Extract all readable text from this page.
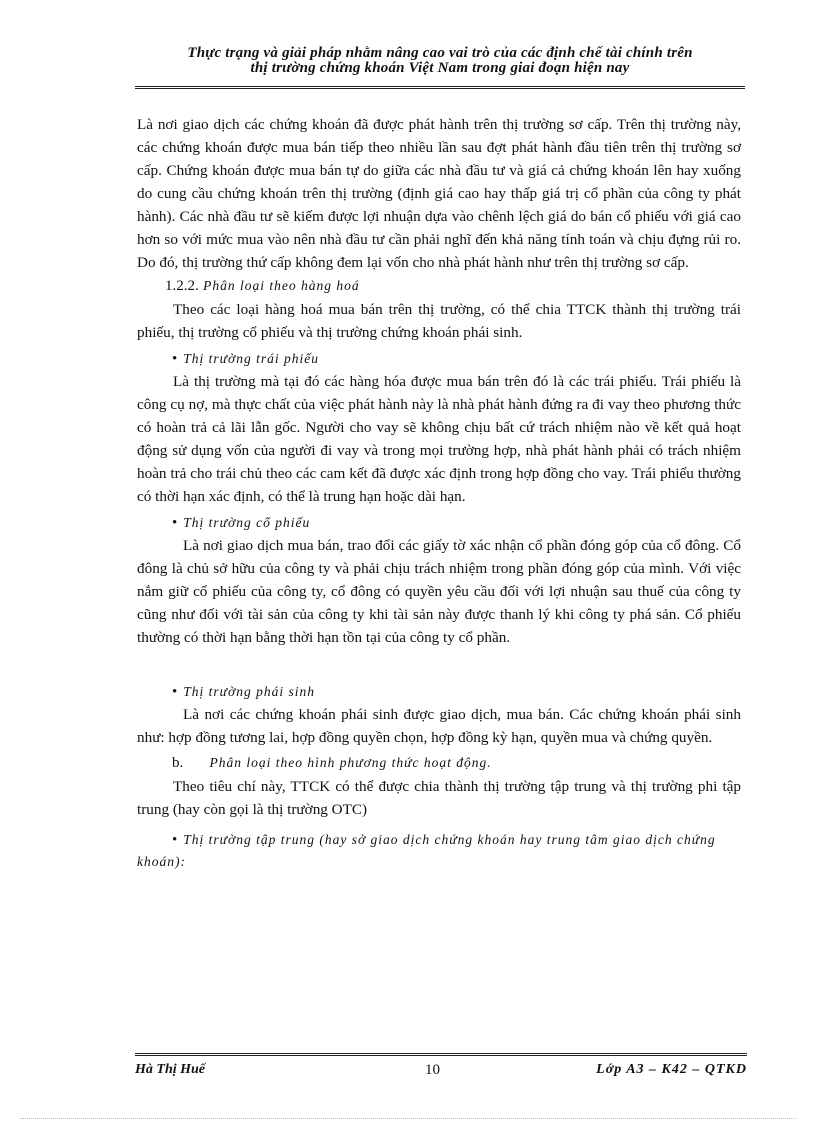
Thực trạng và giải pháp nhằm nâng cao vai trò của các định chế tài chính trên
thị trường chứng khoán Việt Nam trong giai đoạn hiện nay

Là nơi giao dịch các chứng khoán đã được phát hành trên thị trường sơ cấp. Trên thị trường này, các chứng khoán được mua bán tiếp theo nhiều lần sau đợt phát hành đầu tiên trên thị trường sơ cấp. Chứng khoán được mua bán tự do giữa các nhà đầu tư và giá cả chứng khoán lên hay xuống do cung cầu chứng khoán trên thị trường (định giá cao hay thấp giá trị cổ phần của công ty phát hành). Các nhà đầu tư sẽ kiếm được lợi nhuận dựa vào chênh lệch giá do bán cổ phiếu với giá cao hơn so với mức mua vào nên nhà đầu tư cần phải nghĩ đến khả năng tính toán và chịu đựng rủi ro. Do đó, thị trường thứ cấp không đem lại vốn cho nhà phát hành như trên thị trường sơ cấp.

1.2.2. Phân loại theo hàng hoá

Theo các loại hàng hoá mua bán trên thị trường, có thể chia TTCK thành thị trường trái phiếu, thị trường cổ phiếu và thị trường chứng khoán phái sinh.

• Thị trường trái phiếu

Là thị trường mà tại đó các hàng hóa được mua bán trên đó là các trái phiếu. Trái phiếu là công cụ nợ, mà thực chất của việc phát hành này là nhà phát hành đứng ra đi vay theo phương thức có hoàn trả cả lãi lẫn gốc. Người cho vay sẽ không chịu bất cứ trách nhiệm nào về kết quả hoạt động sử dụng vốn của người đi vay và trong mọi trường hợp, nhà phát hành phải có trách nhiệm hoàn trả cho trái chủ theo các cam kết đã được xác định trong hợp đồng cho vay. Trái phiếu thường có thời hạn xác định, có thể là trung hạn hoặc dài hạn.

• Thị trường cổ phiếu

Là nơi giao dịch mua bán, trao đổi các giấy tờ xác nhận cổ phần đóng góp của cổ đông. Cổ đông là chủ sở hữu của công ty và phải chịu trách nhiệm trong phần đóng góp của mình. Với việc nắm giữ cổ phiếu của công ty, cổ đông có quyền yêu cầu đối với lợi nhuận sau thuế của công ty cũng như đối với tài sản của công ty khi tài sản này được thanh lý khi công ty phá sản. Cổ phiếu thường có thời hạn bằng thời hạn tồn tại của công ty cổ phần.

• Thị trường phái sinh

Là nơi các chứng khoán phái sinh được giao dịch, mua bán. Các chứng khoán phái sinh như: hợp đồng tương lai, hợp đồng quyền chọn, hợp đồng kỳ hạn, quyền mua và chứng quyền.

b. Phân loại theo hình phương thức hoạt động.

Theo tiêu chí này, TTCK có thể được chia thành thị trường tập trung và thị trường phi tập trung (hay còn gọi là thị trường OTC)

• Thị trường tập trung (hay sở giao dịch chứng khoán hay trung tâm giao dịch chứng khoán):

Hà Thị Huế	10	Lớp A3 – K42 – QTKD
